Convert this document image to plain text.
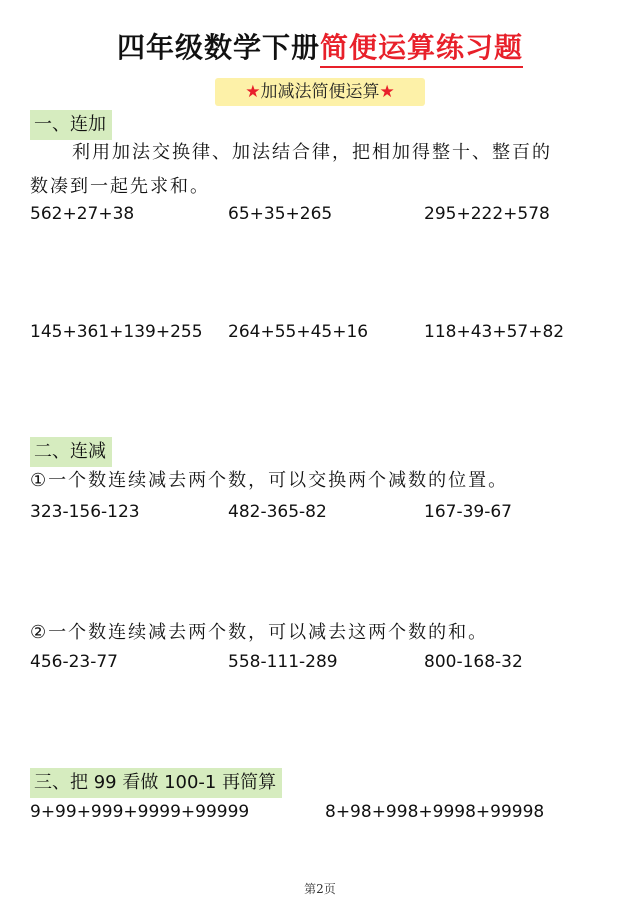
四年级数学下册简便运算练习题
★ 加减法简便运算 ★
一、连加
利用加法交换律、加法结合律，把相加得整十、整百的
数凑到一起先求和。
562+27+38	65+35+265	295+222+578
145+361+139+255 264+55+45+16	118+43+57+82
二、连减
①一个数连续减去两个数，可以交换两个减数的位置。
323-156-123	482-365-82	167-39-67
②一个数连续减去两个数，可以减去这两个数的和。
456-23-77	558-111-289	800-168-32
三、把 99 看做 100-1 再简算
9+99+999+9999+99999	8+98+998+9998+99998
第2页
